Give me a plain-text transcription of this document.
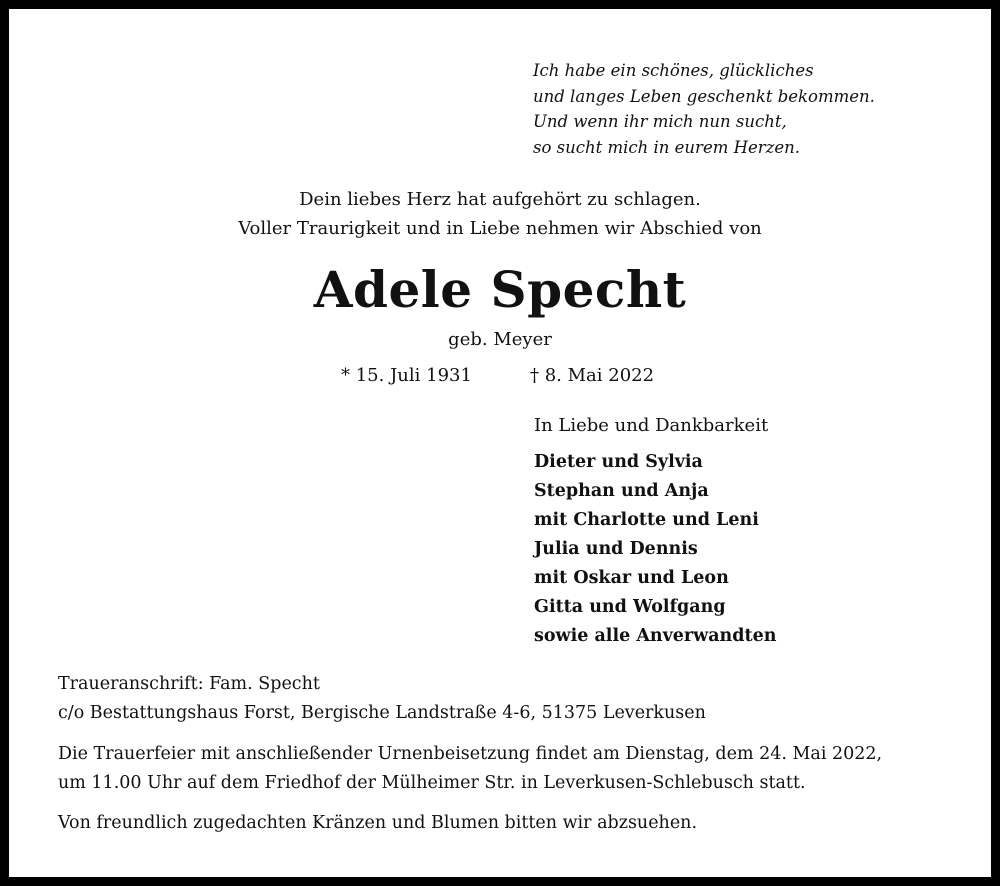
Ich habe ein schönes, glückliches
und langes Leben geschenkt bekommen.
Und wenn ihr mich nun sucht,
so sucht mich in eurem Herzen.
Dein liebes Herz hat aufgehört zu schlagen.
Voller Traurigkeit und in Liebe nehmen wir Abschied von
Adele Specht
geb. Meyer
* 15. Juli 1931	† 8. Mai 2022
In Liebe und Dankbarkeit
Dieter und Sylvia
Stephan und Anja
mit Charlotte und Leni
Julia und Dennis
mit Oskar und Leon
Gitta und Wolfgang
sowie alle Anverwandten
Traueranschrift: Fam. Specht
c/o Bestattungshaus Forst, Bergische Landstraße 4-6, 51375 Leverkusen
Die Trauerfeier mit anschließender Urnenbeisetzung findet am Dienstag, dem 24. Mai 2022,
um 11.00 Uhr auf dem Friedhof der Mülheimer Str. in Leverkusen-Schlebusch statt.
Von freundlich zugedachten Kränzen und Blumen bitten wir abzsuehen.
